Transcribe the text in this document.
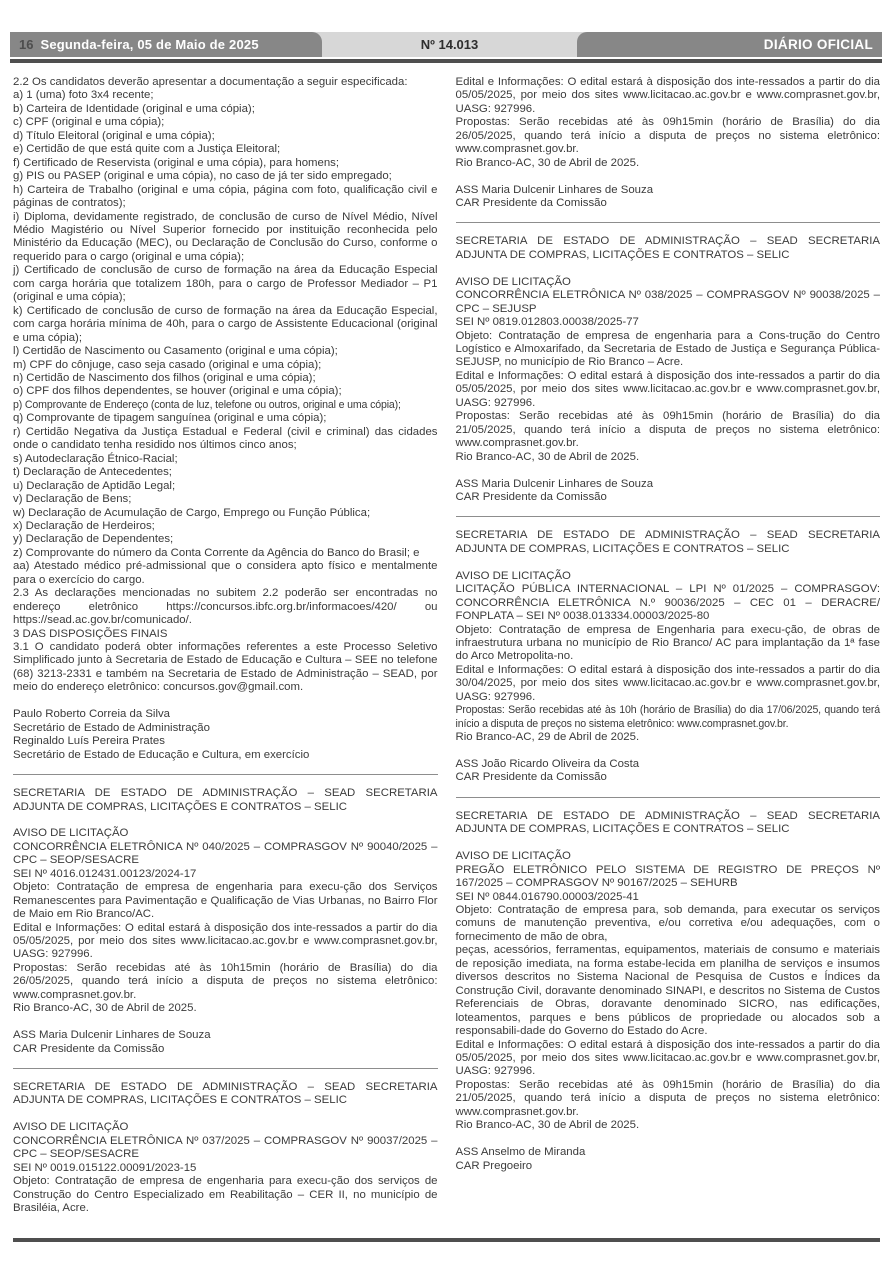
16 Segunda-feira, 05 de Maio de 2025	Nº 14.013	DIÁRIO OFICIAL

2.2 Os candidatos deverão apresentar a documentação a seguir especificada:

a) 1 (uma) foto 3x4 recente;

b) Carteira de Identidade (original e uma cópia);

c) CPF (original e uma cópia);

d) Título Eleitoral (original e uma cópia);

e) Certidão de que está quite com a Justiça Eleitoral;

f) Certificado de Reservista (original e uma cópia), para homens;

g) PIS ou PASEP (original e uma cópia), no caso de já ter sido empregado;

h) Carteira de Trabalho (original e uma cópia, página com foto, qualificação civil e páginas de contratos);

i) Diploma, devidamente registrado, de conclusão de curso de Nível Médio, Nível Médio Magistério ou Nível Superior fornecido por instituição reconhecida pelo Ministério da Educação (MEC), ou Declaração de Conclusão do Curso, conforme o requerido para o cargo (original e uma cópia);

j) Certificado de conclusão de curso de formação na área da Educação Especial com carga horária que totalizem 180h, para o cargo de Professor Mediador – P1 (original e uma cópia);

k) Certificado de conclusão de curso de formação na área da Educação Especial, com carga horária mínima de 40h, para o cargo de Assistente Educacional (original e uma cópia);

l) Certidão de Nascimento ou Casamento (original e uma cópia);

m) CPF do cônjuge, caso seja casado (original e uma cópia);

n) Certidão de Nascimento dos filhos (original e uma cópia);

o) CPF dos filhos dependentes, se houver (original e uma cópia);

p) Comprovante de Endereço (conta de luz, telefone ou outros, original e uma cópia);

q) Comprovante de tipagem sanguínea (original e uma cópia);

r) Certidão Negativa da Justiça Estadual e Federal (civil e criminal) das cidades onde o candidato tenha residido nos últimos cinco anos;

s) Autodeclaração Étnico-Racial;

t) Declaração de Antecedentes;

u) Declaração de Aptidão Legal;

v) Declaração de Bens;

w) Declaração de Acumulação de Cargo, Emprego ou Função Pública;

x) Declaração de Herdeiros;

y) Declaração de Dependentes;

z) Comprovante do número da Conta Corrente da Agência do Banco do Brasil; e

aa) Atestado médico pré-admissional que o considera apto físico e mentalmente para o exercício do cargo.

2.3 As declarações mencionadas no subitem 2.2 poderão ser encontradas no endereço eletrônico https://concursos.ibfc.org.br/informacoes/420/ ou https://sead.ac.gov.br/comunicado/.

3 DAS DISPOSIÇÕES FINAIS

3.1 O candidato poderá obter informações referentes a este Processo Seletivo Simplificado junto à Secretaria de Estado de Educação e Cultura – SEE no telefone (68) 3213-2331 e também na Secretaria de Estado de Administração – SEAD, por meio do endereço eletrônico: concursos.gov@gmail.com.

Paulo Roberto Correia da Silva

Secretário de Estado de Administração

Reginaldo Luís Pereira Prates

Secretário de Estado de Educação e Cultura, em exercício

SECRETARIA DE ESTADO DE ADMINISTRAÇÃO – SEAD SECRETARIA ADJUNTA DE COMPRAS, LICITAÇÕES E CONTRATOS – SELIC

AVISO DE LICITAÇÃO

CONCORRÊNCIA ELETRÔNICA Nº 040/2025 – COMPRASGOV Nº 90040/2025 – CPC – SEOP/SESACRE

SEI Nº 4016.012431.00123/2024-17

Objeto: Contratação de empresa de engenharia para execu-ção dos Serviços Remanescentes para Pavimentação e Qualificação de Vias Urbanas, no Bairro Flor de Maio em Rio Branco/AC.

Edital e Informações: O edital estará à disposição dos inte-ressados a partir do dia 05/05/2025, por meio dos sites www.licitacao.ac.gov.br e www.comprasnet.gov.br, UASG: 927996.

Propostas: Serão recebidas até às 10h15min (horário de Brasília) do dia 26/05/2025, quando terá início a disputa de preços no sistema eletrônico: www.comprasnet.gov.br.

Rio Branco-AC, 30 de Abril de 2025.

ASS Maria Dulcenir Linhares de Souza

CAR Presidente da Comissão

SECRETARIA DE ESTADO DE ADMINISTRAÇÃO – SEAD SECRETARIA ADJUNTA DE COMPRAS, LICITAÇÕES E CONTRATOS – SELIC

AVISO DE LICITAÇÃO

CONCORRÊNCIA ELETRÔNICA Nº 037/2025 – COMPRASGOV Nº 90037/2025 – CPC – SEOP/SESACRE

SEI Nº 0019.015122.00091/2023-15

Objeto: Contratação de empresa de engenharia para execu-ção dos serviços de Construção do Centro Especializado em Reabilitação – CER II, no município de Brasiléia, Acre.

Edital e Informações: O edital estará à disposição dos inte-ressados a partir do dia 05/05/2025, por meio dos sites www.licitacao.ac.gov.br e www.comprasnet.gov.br, UASG: 927996.

Propostas: Serão recebidas até às 09h15min (horário de Brasília) do dia 26/05/2025, quando terá início a disputa de preços no sistema eletrônico: www.comprasnet.gov.br.

Rio Branco-AC, 30 de Abril de 2025.

ASS Maria Dulcenir Linhares de Souza

CAR Presidente da Comissão

SECRETARIA DE ESTADO DE ADMINISTRAÇÃO – SEAD SECRETARIA ADJUNTA DE COMPRAS, LICITAÇÕES E CONTRATOS – SELIC

AVISO DE LICITAÇÃO

CONCORRÊNCIA ELETRÔNICA Nº 038/2025 – COMPRASGOV Nº 90038/2025 – CPC – SEJUSP

SEI Nº 0819.012803.00038/2025-77

Objeto: Contratação de empresa de engenharia para a Cons-trução do Centro Logístico e Almoxarifado, da Secretaria de Estado de Justiça e Segurança Pública-SEJUSP, no município de Rio Branco – Acre.

Edital e Informações: O edital estará à disposição dos inte-ressados a partir do dia 05/05/2025, por meio dos sites www.licitacao.ac.gov.br e www.comprasnet.gov.br, UASG: 927996.

Propostas: Serão recebidas até às 09h15min (horário de Brasília) do dia 21/05/2025, quando terá início a disputa de preços no sistema eletrônico: www.comprasnet.gov.br.

Rio Branco-AC, 30 de Abril de 2025.

ASS Maria Dulcenir Linhares de Souza

CAR Presidente da Comissão

SECRETARIA DE ESTADO DE ADMINISTRAÇÃO – SEAD SECRETARIA ADJUNTA DE COMPRAS, LICITAÇÕES E CONTRATOS – SELIC

AVISO DE LICITAÇÃO

LICITAÇÃO PÚBLICA INTERNACIONAL – LPI Nº 01/2025 – COMPRASGOV: CONCORRÊNCIA ELETRÔNICA N.º 90036/2025 – CEC 01 – DERACRE/ FONPLATA – SEI Nº 0038.013334.00003/2025-80

Objeto: Contratação de empresa de Engenharia para execu-ção, de obras de infraestrutura urbana no município de Rio Branco/ AC para implantação da 1ª fase do Arco Metropolita-no.

Edital e Informações: O edital estará à disposição dos inte-ressados a partir do dia 30/04/2025, por meio dos sites www.licitacao.ac.gov.br e www.comprasnet.gov.br, UASG: 927996.

Propostas: Serão recebidas até às 10h (horário de Brasília) do dia 17/06/2025, quando terá início a disputa de preços no sistema eletrônico: www.comprasnet.gov.br.

Rio Branco-AC, 29 de Abril de 2025.

ASS João Ricardo Oliveira da Costa

CAR Presidente da Comissão

SECRETARIA DE ESTADO DE ADMINISTRAÇÃO – SEAD SECRETARIA ADJUNTA DE COMPRAS, LICITAÇÕES E CONTRATOS – SELIC

AVISO DE LICITAÇÃO

PREGÃO ELETRÔNICO PELO SISTEMA DE REGISTRO DE PREÇOS Nº 167/2025 – COMPRASGOV Nº 90167/2025 – SEHURB

SEI Nº 0844.016790.00003/2025-41

Objeto: Contratação de empresa para, sob demanda, para executar os serviços comuns de manutenção preventiva, e/ou corretiva e/ou adequações, com o fornecimento de mão de obra,

peças, acessórios, ferramentas, equipamentos, materiais de consumo e materiais de reposição imediata, na forma estabe-lecida em planilha de serviços e insumos diversos descritos no Sistema Nacional de Pesquisa de Custos e Índices da Construção Civil, doravante denominado SINAPI, e descritos no Sistema de Custos Referenciais de Obras, doravante denominado SICRO, nas edificações, loteamentos, parques e bens públicos de propriedade ou alocados sob a responsabili-dade do Governo do Estado do Acre.

Edital e Informações: O edital estará à disposição dos inte-ressados a partir do dia 05/05/2025, por meio dos sites www.licitacao.ac.gov.br e www.comprasnet.gov.br, UASG: 927996.

Propostas: Serão recebidas até às 09h15min (horário de Brasília) do dia 21/05/2025, quando terá início a disputa de preços no sistema eletrônico: www.comprasnet.gov.br.

Rio Branco-AC, 30 de Abril de 2025.

ASS Anselmo de Miranda

CAR Pregoeiro
